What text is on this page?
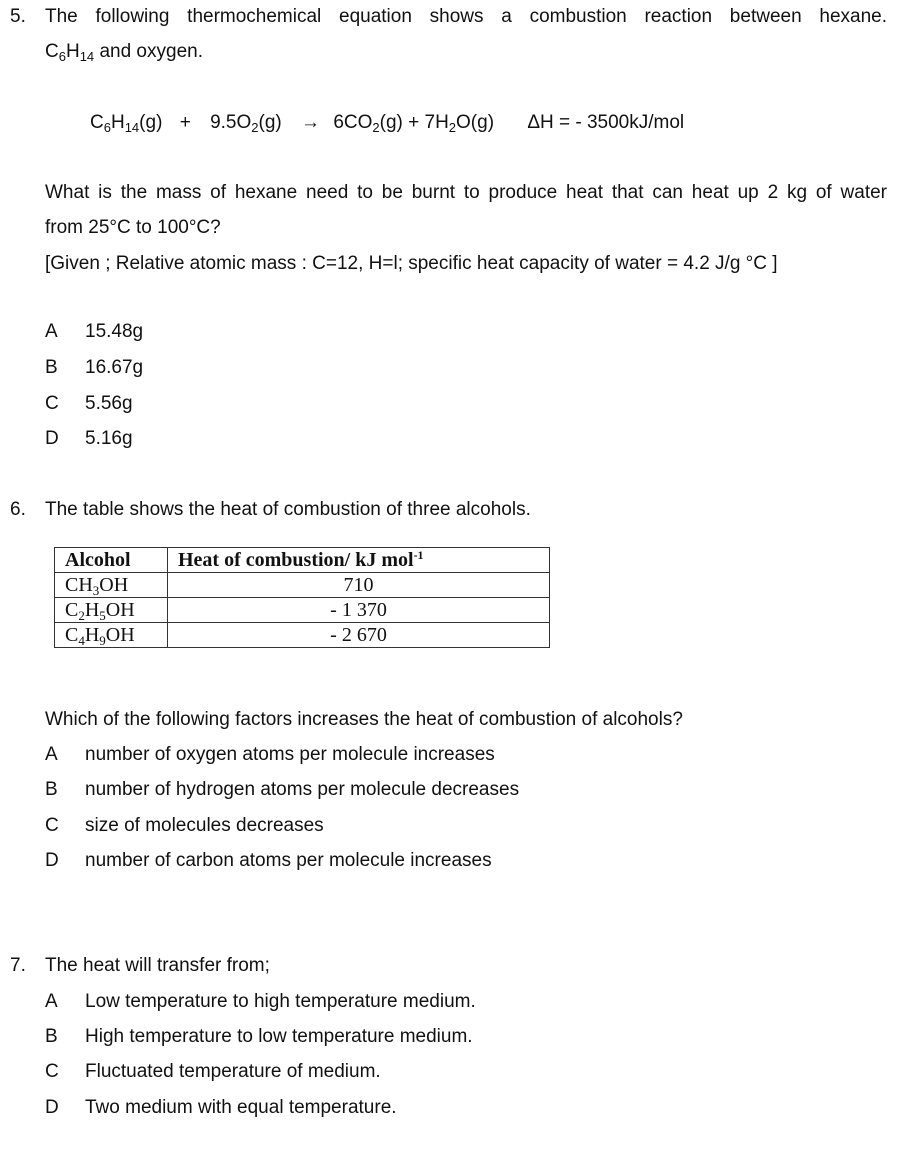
5. The following thermochemical equation shows a combustion reaction between hexane.
$C_6H_{14}$ and oxygen.
$C_6H_{14}(g) + 9.5O_2(g) \to 6CO_2(g) + 7H_2O(g) \Delta H$ = - 3500kJ/mol
What is the mass of hexane need to be burnt to produce heat that can heat up 2 kg of water
from 25°C to 100°C?
[Given ; Relative atomic mass : C=12, H=l; specific heat capacity of water = 4.2 J/g °C ]
A 15.48g
B 16.67g
C 5.56g
D 5.16g
6. The table shows the heat of combustion of three alcohols.
Alcohol	Heat of combustion/ kJ mol$^{-1}$
$CH_3OH$	710
$C_2H_5OH$	- 1 370
$C_4H_9OH$	- 2 670
Which of the following factors increases the heat of combustion of alcohols?
A number of oxygen atoms per molecule increases
B number of hydrogen atoms per molecule decreases
C size of molecules decreases
D number of carbon atoms per molecule increases
7. The heat will transfer from;
A Low temperature to high temperature medium.
B High temperature to low temperature medium.
C Fluctuated temperature of medium.
D Two medium with equal temperature.
